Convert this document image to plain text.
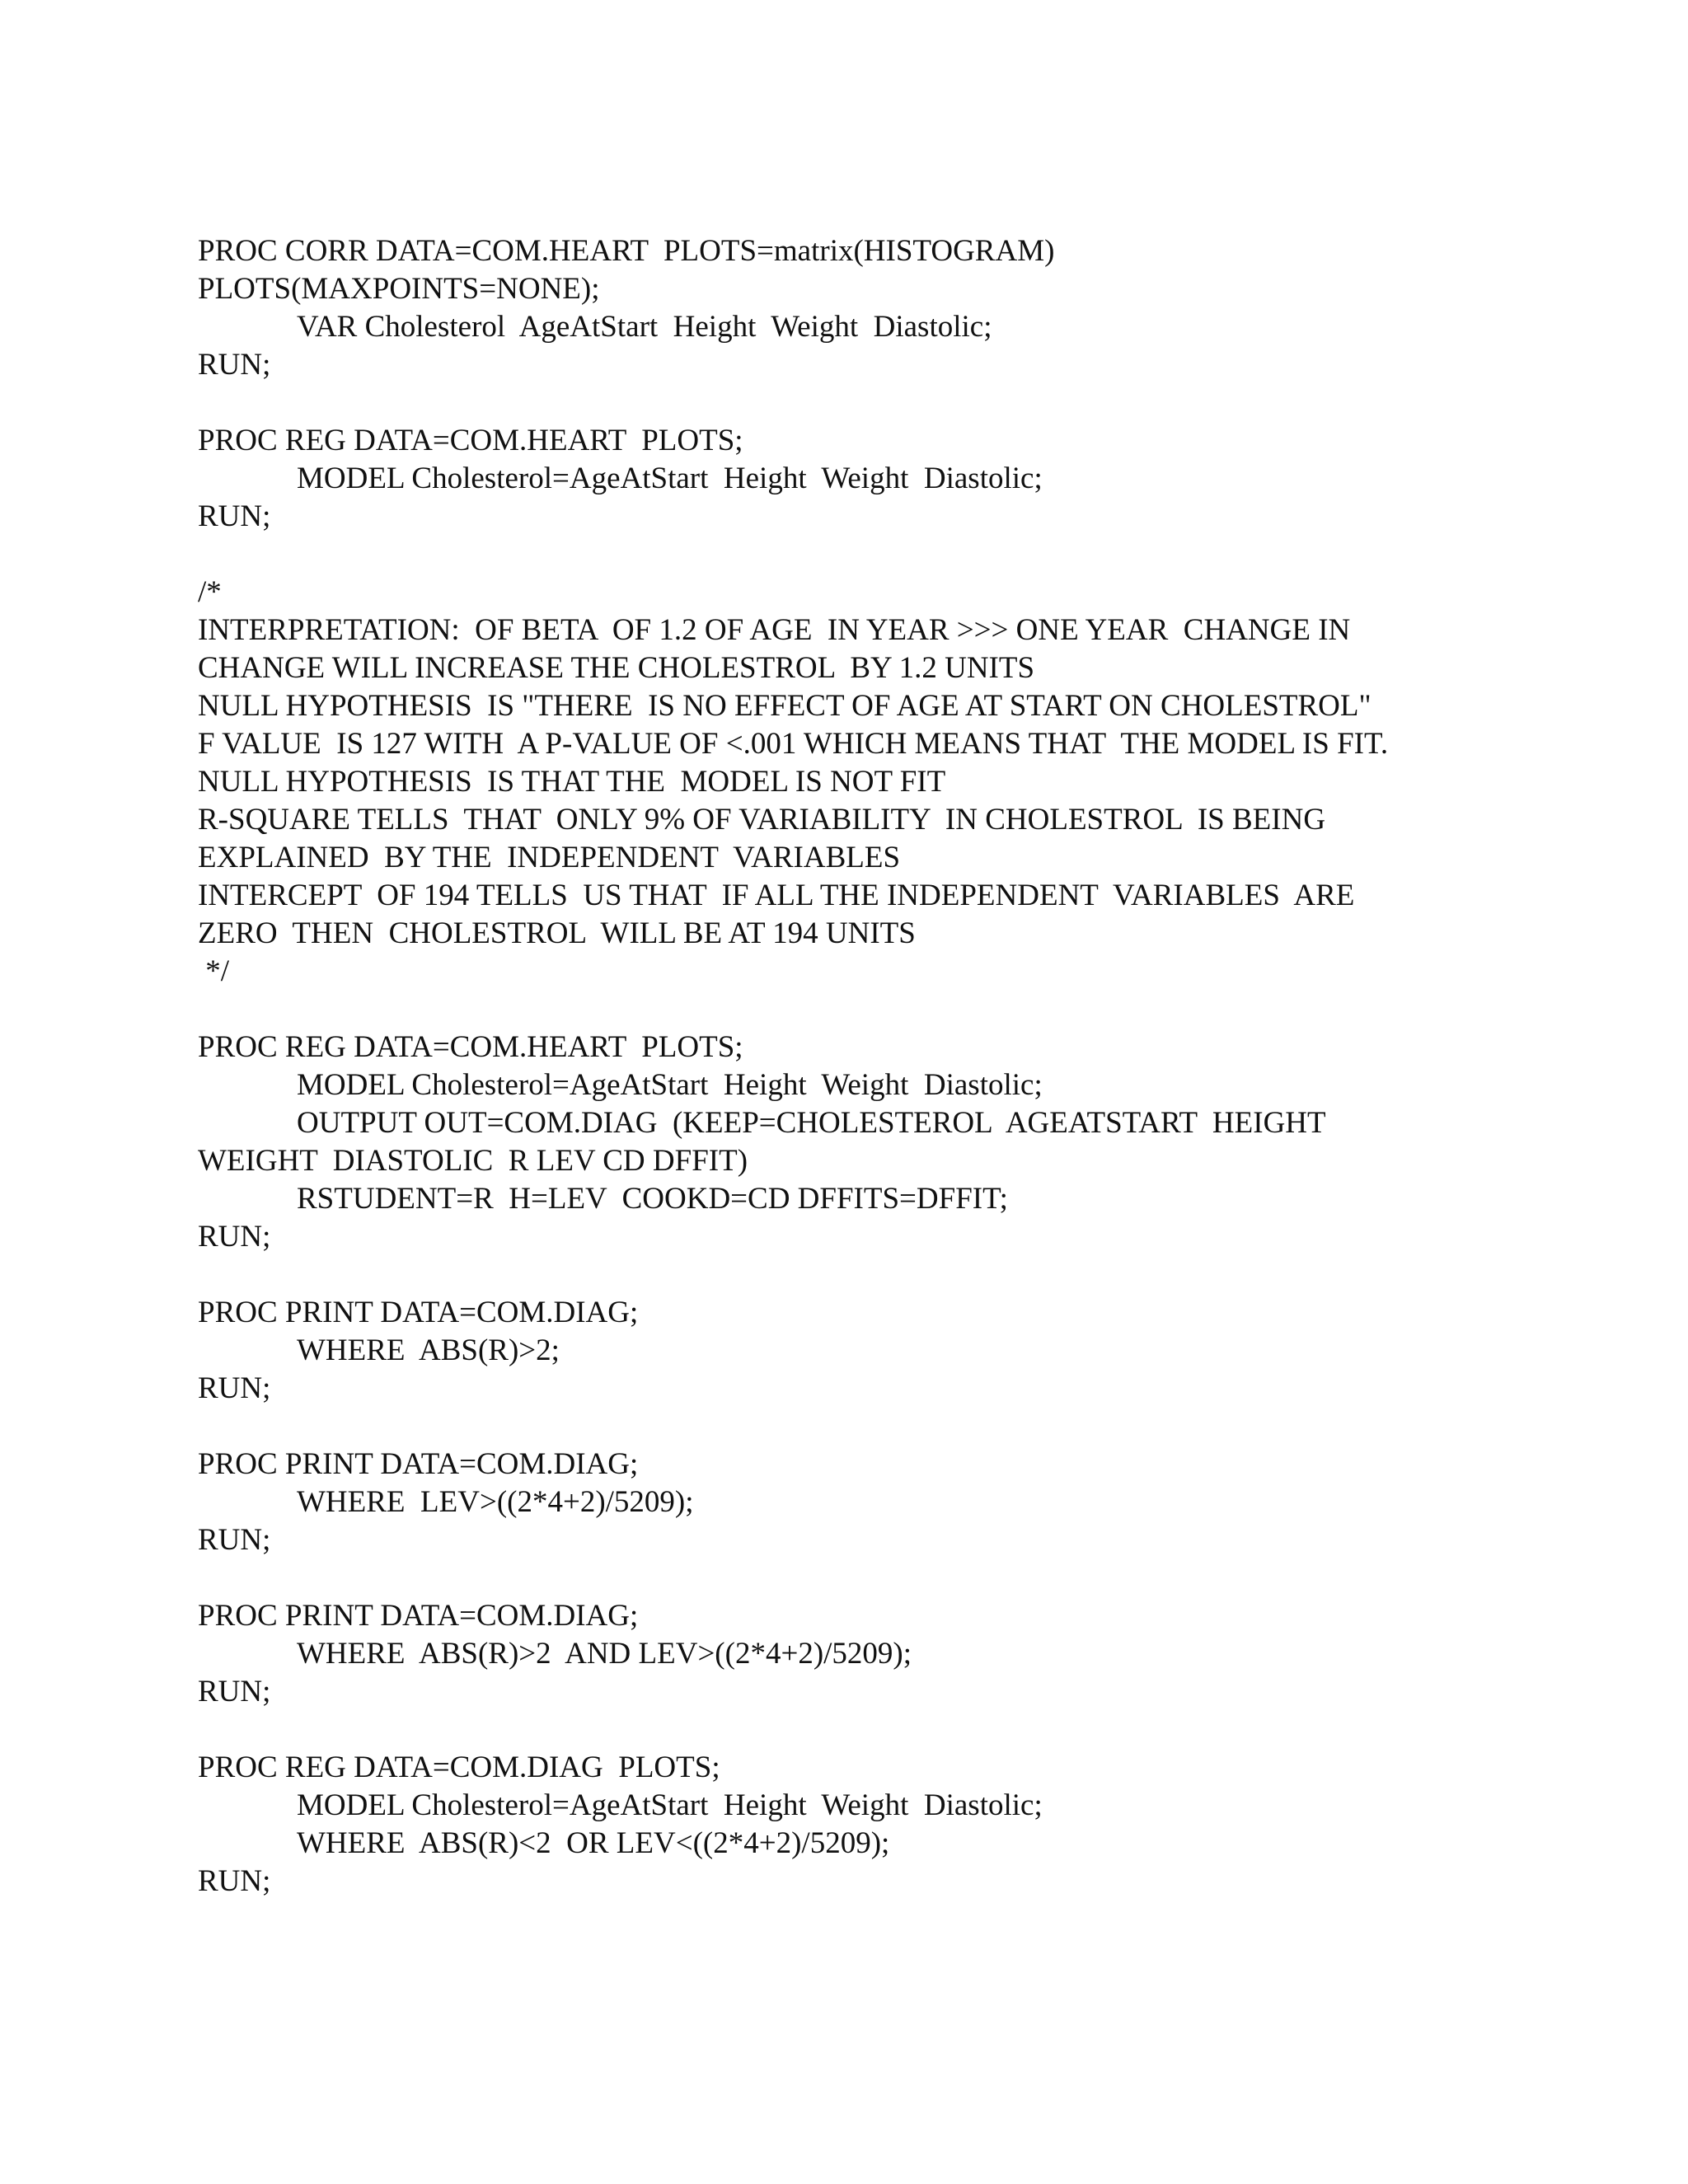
PROC CORR DATA=COM.HEART  PLOTS=matrix(HISTOGRAM)
PLOTS(MAXPOINTS=NONE);
VAR Cholesterol  AgeAtStart  Height  Weight  Diastolic;
RUN;
PROC REG DATA=COM.HEART  PLOTS;
MODEL Cholesterol=AgeAtStart  Height  Weight  Diastolic;
RUN;
/*
INTERPRETATION:  OF BETA  OF 1.2 OF AGE  IN YEAR >>> ONE YEAR  CHANGE IN
CHANGE WILL INCREASE THE CHOLESTROL  BY 1.2 UNITS
NULL HYPOTHESIS  IS "THERE  IS NO EFFECT OF AGE AT START ON CHOLESTROL"
F VALUE  IS 127 WITH  A P-VALUE OF <.001 WHICH MEANS THAT  THE MODEL IS FIT.
NULL HYPOTHESIS  IS THAT THE  MODEL IS NOT FIT
R-SQUARE TELLS  THAT  ONLY 9% OF VARIABILITY  IN CHOLESTROL  IS BEING
EXPLAINED  BY THE  INDEPENDENT  VARIABLES
INTERCEPT  OF 194 TELLS  US THAT  IF ALL THE INDEPENDENT  VARIABLES  ARE
ZERO  THEN  CHOLESTROL  WILL BE AT 194 UNITS
*/
PROC REG DATA=COM.HEART  PLOTS;
MODEL Cholesterol=AgeAtStart  Height  Weight  Diastolic;
OUTPUT OUT=COM.DIAG  (KEEP=CHOLESTEROL  AGEATSTART  HEIGHT
WEIGHT  DIASTOLIC  R LEV CD DFFIT)
RSTUDENT=R  H=LEV  COOKD=CD DFFITS=DFFIT;
RUN;
PROC PRINT DATA=COM.DIAG;
WHERE  ABS(R)>2;
RUN;
PROC PRINT DATA=COM.DIAG;
WHERE  LEV>((2*4+2)/5209);
RUN;
PROC PRINT DATA=COM.DIAG;
WHERE  ABS(R)>2  AND LEV>((2*4+2)/5209);
RUN;
PROC REG DATA=COM.DIAG  PLOTS;
MODEL Cholesterol=AgeAtStart  Height  Weight  Diastolic;
WHERE  ABS(R)<2  OR LEV<((2*4+2)/5209);
RUN;
